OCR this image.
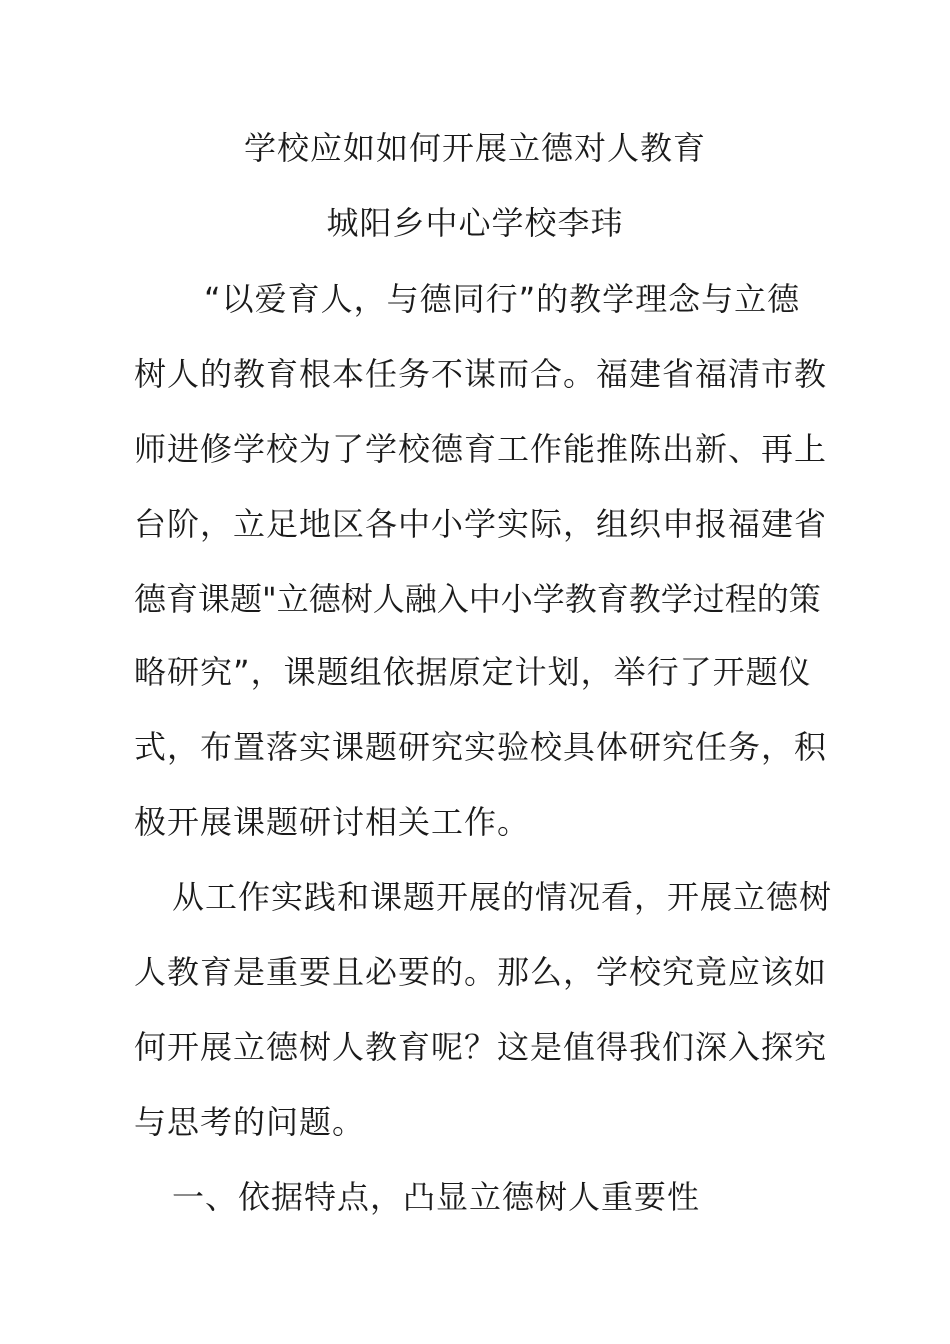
学校应如如何开展立德对人教育
城阳乡中心学校李玮
“以爱育人，与德同行”的教学理念与立德
树人的教育根本任务不谋而合。福建省福清市教
师进修学校为了学校德育工作能推陈出新、再上
台阶，立足地区各中小学实际，组织申报福建省
德育课题"立德树人融入中小学教育教学过程的策
略研究”，课题组依据原定计划，举行了开题仪
式，布置落实课题研究实验校具体研究任务，积
极开展课题研讨相关工作。
从工作实践和课题开展的情况看，开展立德树
人教育是重要且必要的。那么，学校究竟应该如
何开展立德树人教育呢？这是值得我们深入探究
与思考的问题。
一、依据特点，凸显立德树人重要性
